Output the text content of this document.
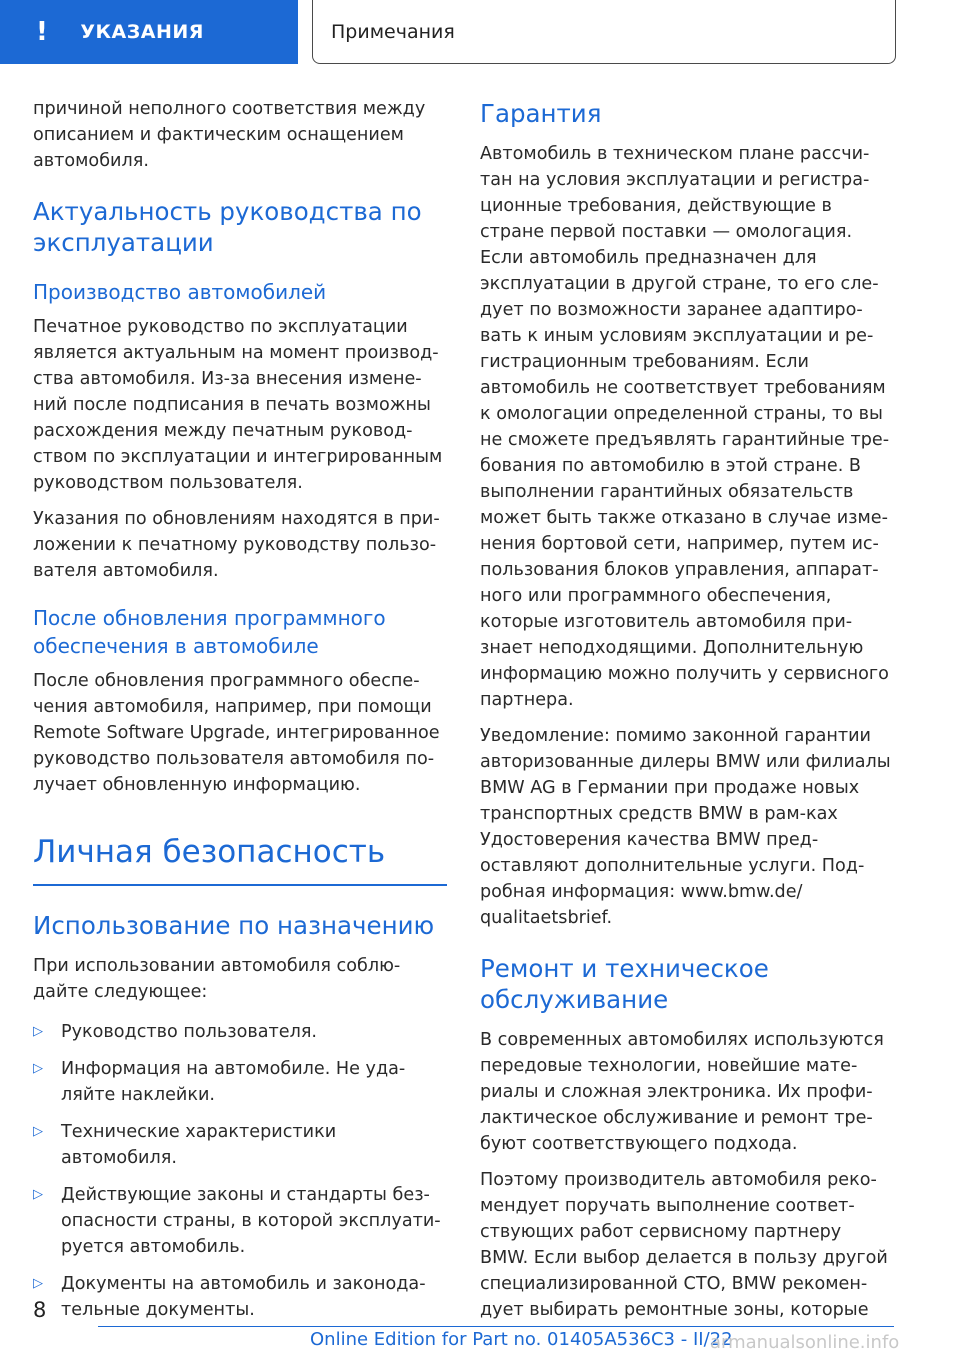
! УКАЗАНИЯ	Примечания

причиной неполного соответствия между описанием и фактическим оснащением автомобиля.

Актуальность руководства по эксплуатации
Производство автомобилей

Печатное руководство по эксплуатации является актуальным на момент производ-ства автомобиля. Из-за внесения измене-ний после подписания в печать возможны расхождения между печатным руковод-ством по эксплуатации и интегрированным руководством пользователя.

Указания по обновлениям находятся в при-ложении к печатному руководству пользо-вателя автомобиля.

После обновления программного обеспечения в автомобиле

После обновления программного обеспе-чения автомобиля, например, при помощи Remote Software Upgrade, интегрированное руководство пользователя автомобиля по-лучает обновленную информацию.

Личная безопасность
Использование по назначению

При использовании автомобиля соблю-дайте следующее:

▷	Руководство пользователя.
▷	Информация на автомобиле. Не уда-ляйте наклейки.
▷	Технические характеристики автомобиля.
▷	Действующие законы и стандарты без-опасности страны, в которой эксплуати-руется автомобиль.
▷	Документы на автомобиль и законода-тельные документы.
Гарантия

Автомобиль в техническом плане рассчи-тан на условия эксплуатации и регистра-ционные требования, действующие в стране первой поставки — омологация. Если автомобиль предназначен для эксплуатации в другой стране, то его сле-дует по возможности заранее адаптиро-вать к иным условиям эксплуатации и ре-гистрационным требованиям. Если автомобиль не соответствует требованиям к омологации определенной страны, то вы не сможете предъявлять гарантийные тре-бования по автомобилю в этой стране. В выполнении гарантийных обязательств может быть также отказано в случае изме-нения бортовой сети, например, путем ис-пользования блоков управления, аппарат-ного или программного обеспечения, которые изготовитель автомобиля при-знает неподходящими. Дополнительную информацию можно получить у сервисного партнера.

Уведомление: помимо законной гарантии авторизованные дилеры BMW или филиалы BMW AG в Германии при продаже новых транспортных средств BMW в рам-ках Удостоверения качества BMW пред-оставляют дополнительные услуги. Под-робная информация: www.bmw.de/ qualitaetsbrief.

Ремонт и техническое обслуживание

В современных автомобилях используются передовые технологии, новейшие мате-риалы и сложная электроника. Их профи-лактическое обслуживание и ремонт тре-буют соответствующего подхода.

Поэтому производитель автомобиля реко-мендует поручать выполнение соответ-ствующих работ сервисному партнеру BMW. Если выбор делается в пользу другой специализированной СТО, BMW рекомен-дует выбирать ремонтные зоны, которые

8
Online Edition for Part no. 01405A536C3 - II/22
armanualsonline.info
